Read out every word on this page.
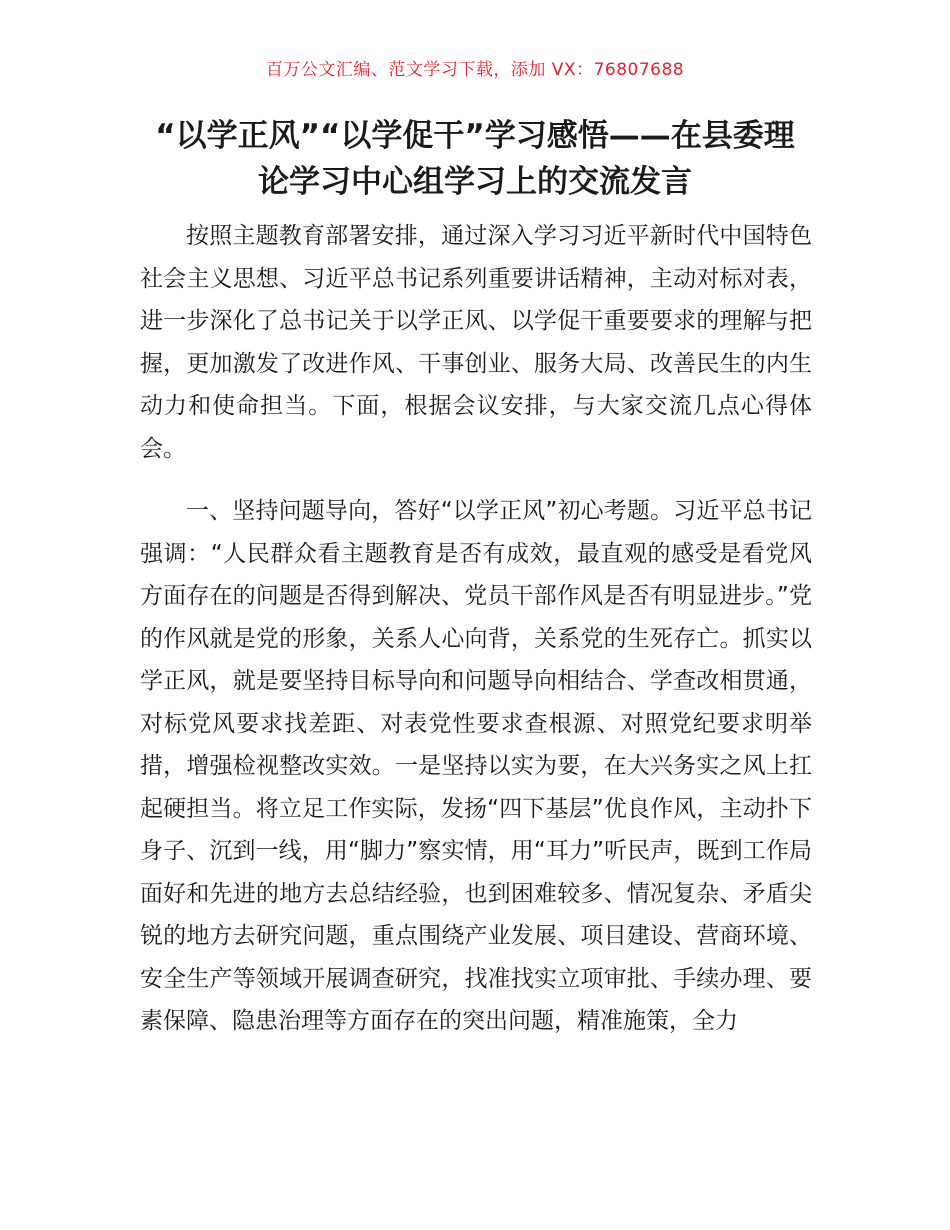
百万公文汇编、范文学习下载，添加 VX：76807688
“以学正风”“以学促干”学习感悟——在县委理论学习中心组学习上的交流发言

按照主题教育部署安排，通过深入学习习近平新时代中国特色社会主义思想、习近平总书记系列重要讲话精神，主动对标对表，进一步深化了总书记关于以学正风、以学促干重要要求的理解与把握，更加激发了改进作风、干事创业、服务大局、改善民生的内生动力和使命担当。下面，根据会议安排，与大家交流几点心得体会。

一、坚持问题导向，答好“以学正风”初心考题。习近平总书记强调：“人民群众看主题教育是否有成效，最直观的感受是看党风方面存在的问题是否得到解决、党员干部作风是否有明显进步。”党的作风就是党的形象，关系人心向背，关系党的生死存亡。抓实以学正风，就是要坚持目标导向和问题导向相结合、学查改相贯通，对标党风要求找差距、对表党性要求查根源、对照党纪要求明举措，增强检视整改实效。一是坚持以实为要，在大兴务实之风上扛起硬担当。将立足工作实际，发扬“四下基层”优良作风，主动扑下身子、沉到一线，用“脚力”察实情，用“耳力”听民声，既到工作局面好和先进的地方去总结经验，也到困难较多、情况复杂、矛盾尖锐的地方去研究问题，重点围绕产业发展、项目建设、营商环境、安全生产等领域开展调查研究，找准找实立项审批、手续办理、要素保障、隐患治理等方面存在的突出问题，精准施策，全力
